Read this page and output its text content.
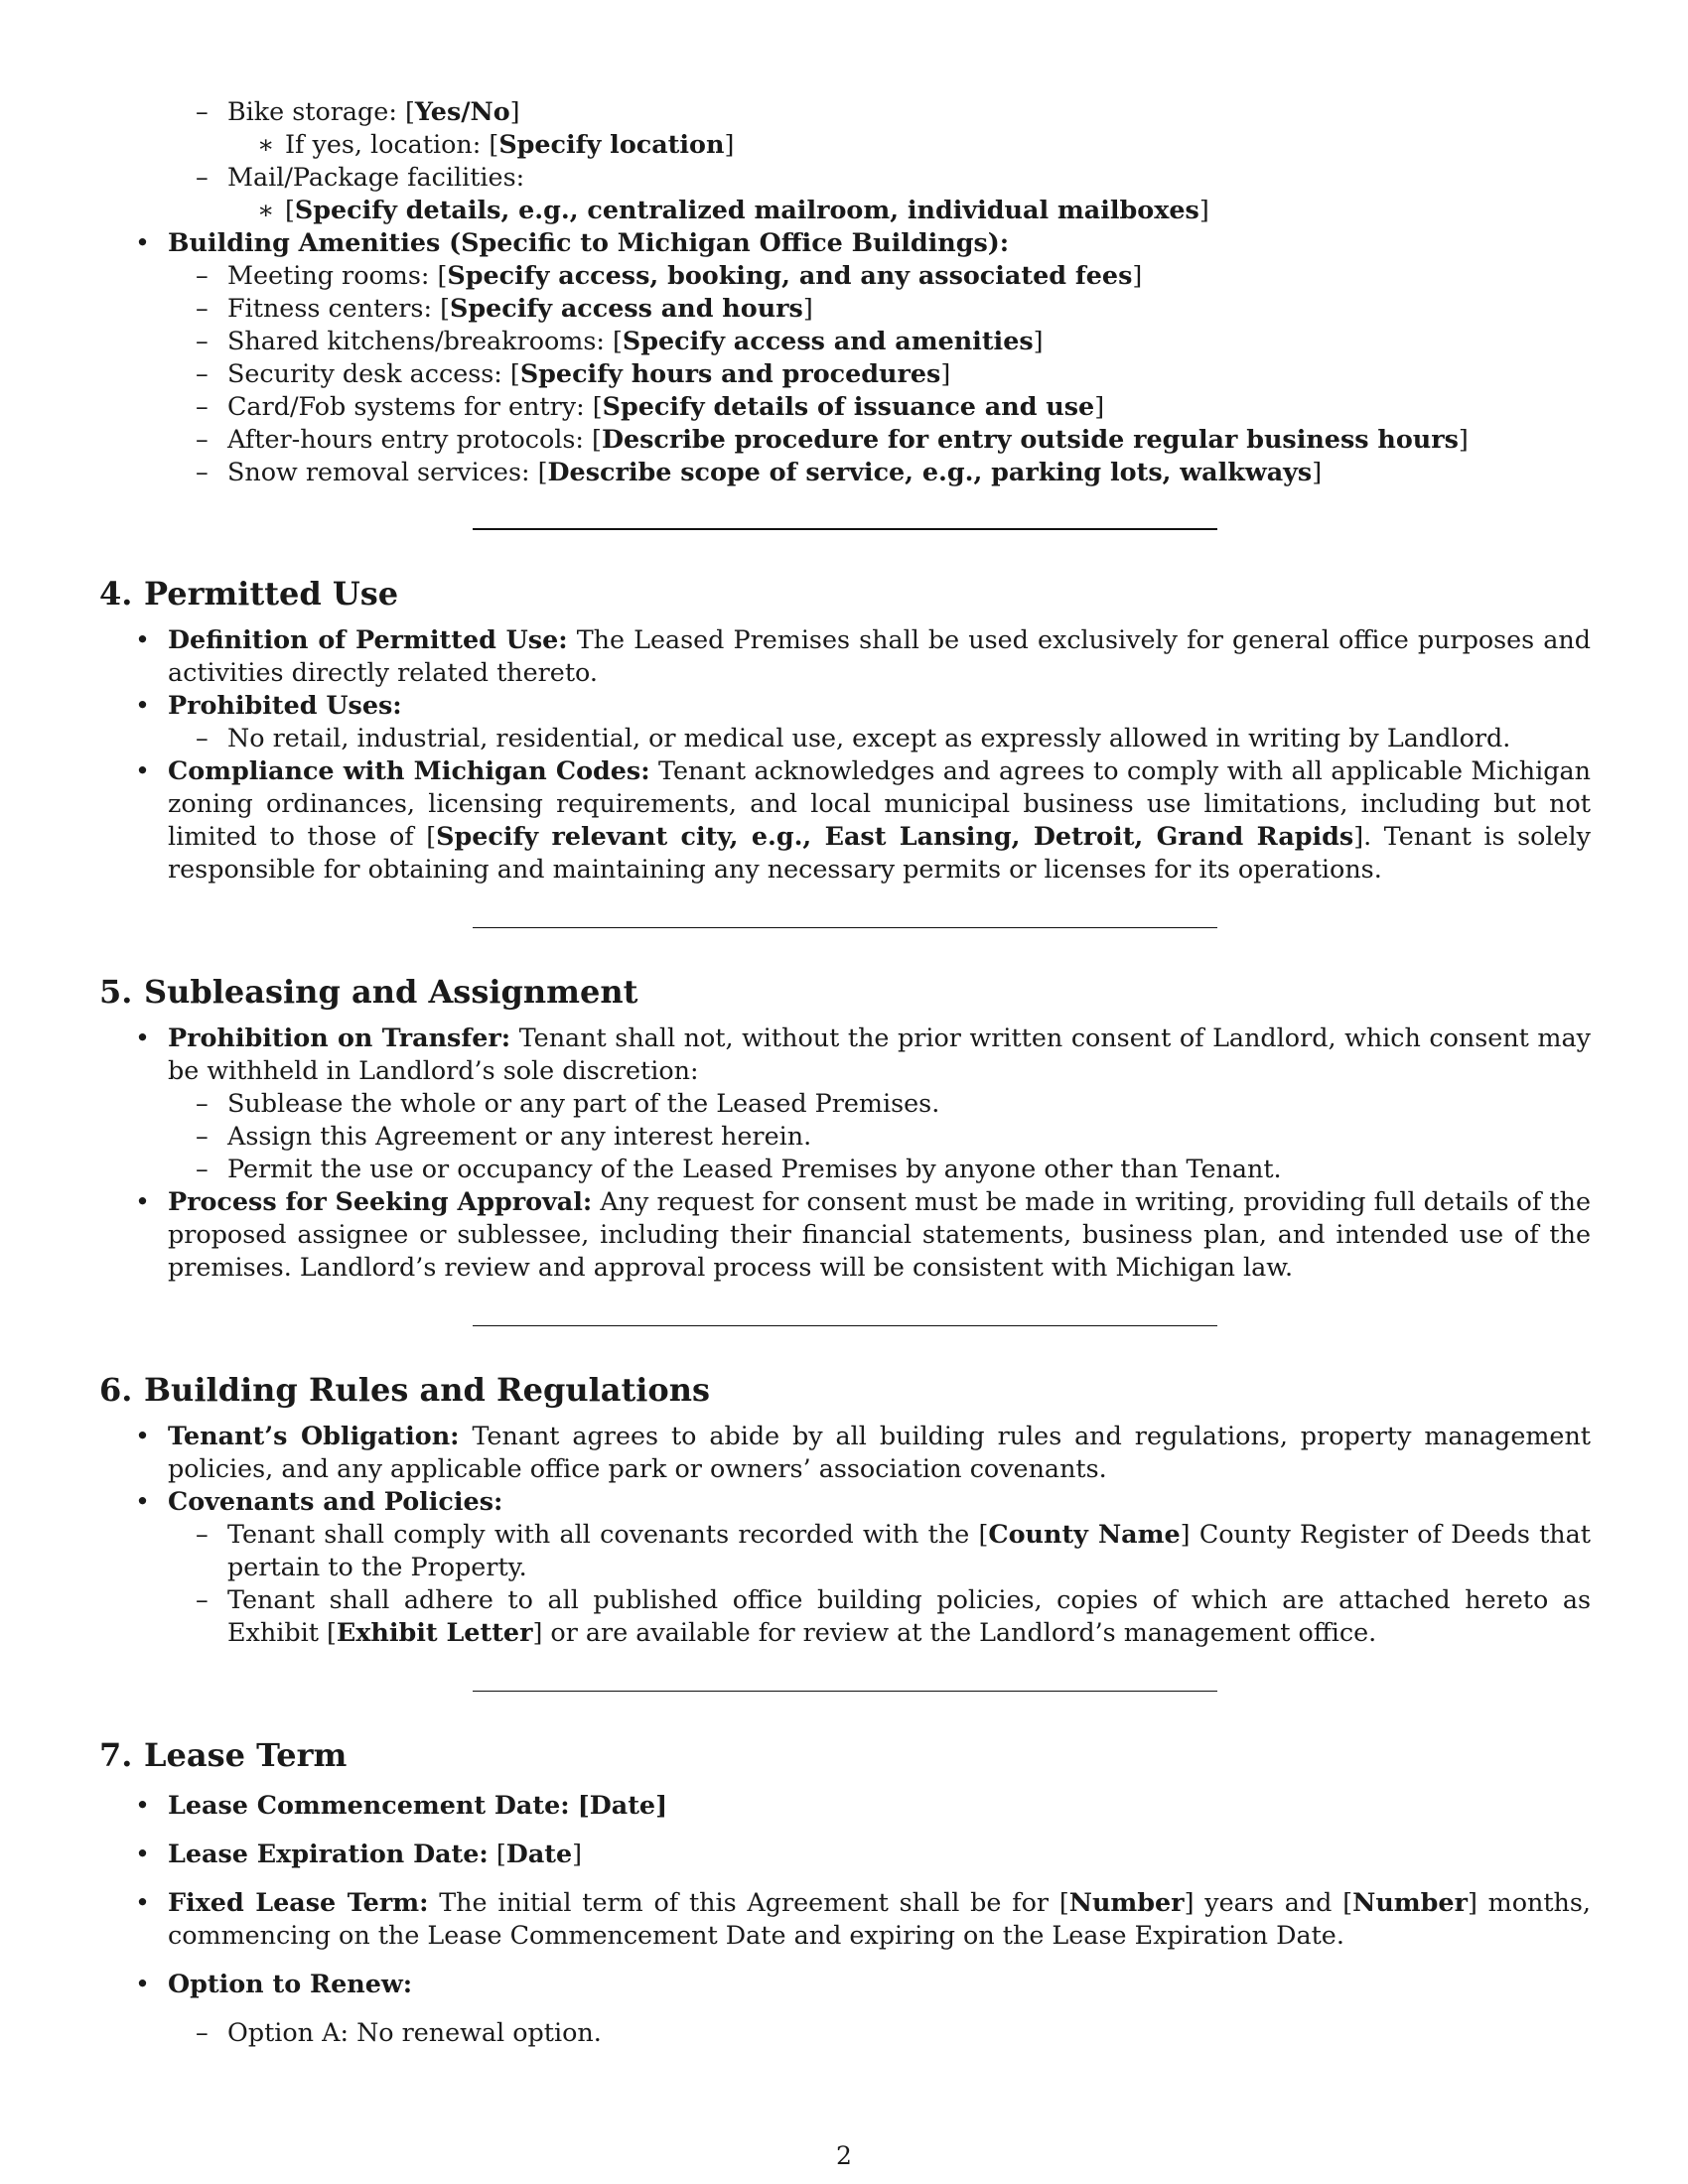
– Bike storage: [Yes/No]
∗ If yes, location: [Specify location]
– Mail/Package facilities:
∗ [Specify details, e.g., centralized mailroom, individual mailboxes]
• Building Amenities (Specific to Michigan Office Buildings):
– Meeting rooms: [Specify access, booking, and any associated fees]
– Fitness centers: [Specify access and hours]
– Shared kitchens/breakrooms: [Specify access and amenities]
– Security desk access: [Specify hours and procedures]
– Card/Fob systems for entry: [Specify details of issuance and use]
– After-hours entry protocols: [Describe procedure for entry outside regular business hours]
– Snow removal services: [Describe scope of service, e.g., parking lots, walkways]
4. Permitted Use
• Definition of Permitted Use: The Leased Premises shall be used exclusively for general office purposes and activities directly related thereto.
• Prohibited Uses:
– No retail, industrial, residential, or medical use, except as expressly allowed in writing by Landlord.
• Compliance with Michigan Codes: Tenant acknowledges and agrees to comply with all applicable Michigan zoning ordinances, licensing requirements, and local municipal business use limitations, including but not limited to those of [Specify relevant city, e.g., East Lansing, Detroit, Grand Rapids]. Tenant is solely responsible for obtaining and maintaining any necessary permits or licenses for its operations.
5. Subleasing and Assignment
• Prohibition on Transfer: Tenant shall not, without the prior written consent of Landlord, which consent may be withheld in Landlord’s sole discretion:
– Sublease the whole or any part of the Leased Premises.
– Assign this Agreement or any interest herein.
– Permit the use or occupancy of the Leased Premises by anyone other than Tenant.
• Process for Seeking Approval: Any request for consent must be made in writing, providing full details of the proposed assignee or sublessee, including their financial statements, business plan, and intended use of the premises. Landlord’s review and approval process will be consistent with Michigan law.
6. Building Rules and Regulations
• Tenant’s Obligation: Tenant agrees to abide by all building rules and regulations, property management policies, and any applicable office park or owners’ association covenants.
• Covenants and Policies:
– Tenant shall comply with all covenants recorded with the [County Name] County Register of Deeds that pertain to the Property.
– Tenant shall adhere to all published office building policies, copies of which are attached hereto as Exhibit [Exhibit Letter] or are available for review at the Landlord’s management office.
7. Lease Term
• Lease Commencement Date: [Date]
• Lease Expiration Date: [Date]
• Fixed Lease Term: The initial term of this Agreement shall be for [Number] years and [Number] months, commencing on the Lease Commencement Date and expiring on the Lease Expiration Date.
• Option to Renew:
– Option A: No renewal option.
2
